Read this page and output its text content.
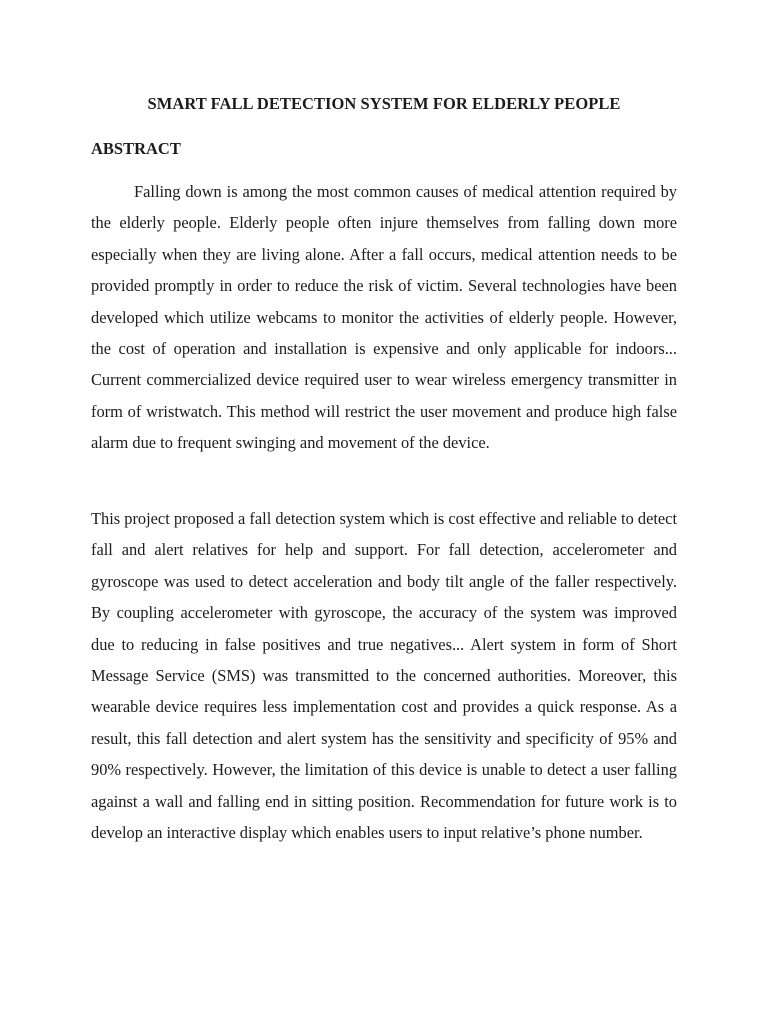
SMART FALL DETECTION SYSTEM FOR ELDERLY PEOPLE
ABSTRACT

Falling down is among the most common causes of medical attention required by the elderly people. Elderly people often injure themselves from falling down more especially when they are living alone. After a fall occurs, medical attention needs to be provided promptly in order to reduce the risk of victim. Several technologies have been developed which utilize webcams to monitor the activities of elderly people. However, the cost of operation and installation is expensive and only applicable for indoors... Current commercialized device required user to wear wireless emergency transmitter in form of wristwatch. This method will restrict the user movement and produce high false alarm due to frequent swinging and movement of the device.

This project proposed a fall detection system which is cost effective and reliable to detect fall and alert relatives for help and support. For fall detection, accelerometer and gyroscope was used to detect acceleration and body tilt angle of the faller respectively. By coupling accelerometer with gyroscope, the accuracy of the system was improved due to reducing in false positives and true negatives... Alert system in form of Short Message Service (SMS) was transmitted to the concerned authorities. Moreover, this wearable device requires less implementation cost and provides a quick response. As a result, this fall detection and alert system has the sensitivity and specificity of 95% and 90% respectively. However, the limitation of this device is unable to detect a user falling against a wall and falling end in sitting position. Recommendation for future work is to develop an interactive display which enables users to input relative’s phone number.
